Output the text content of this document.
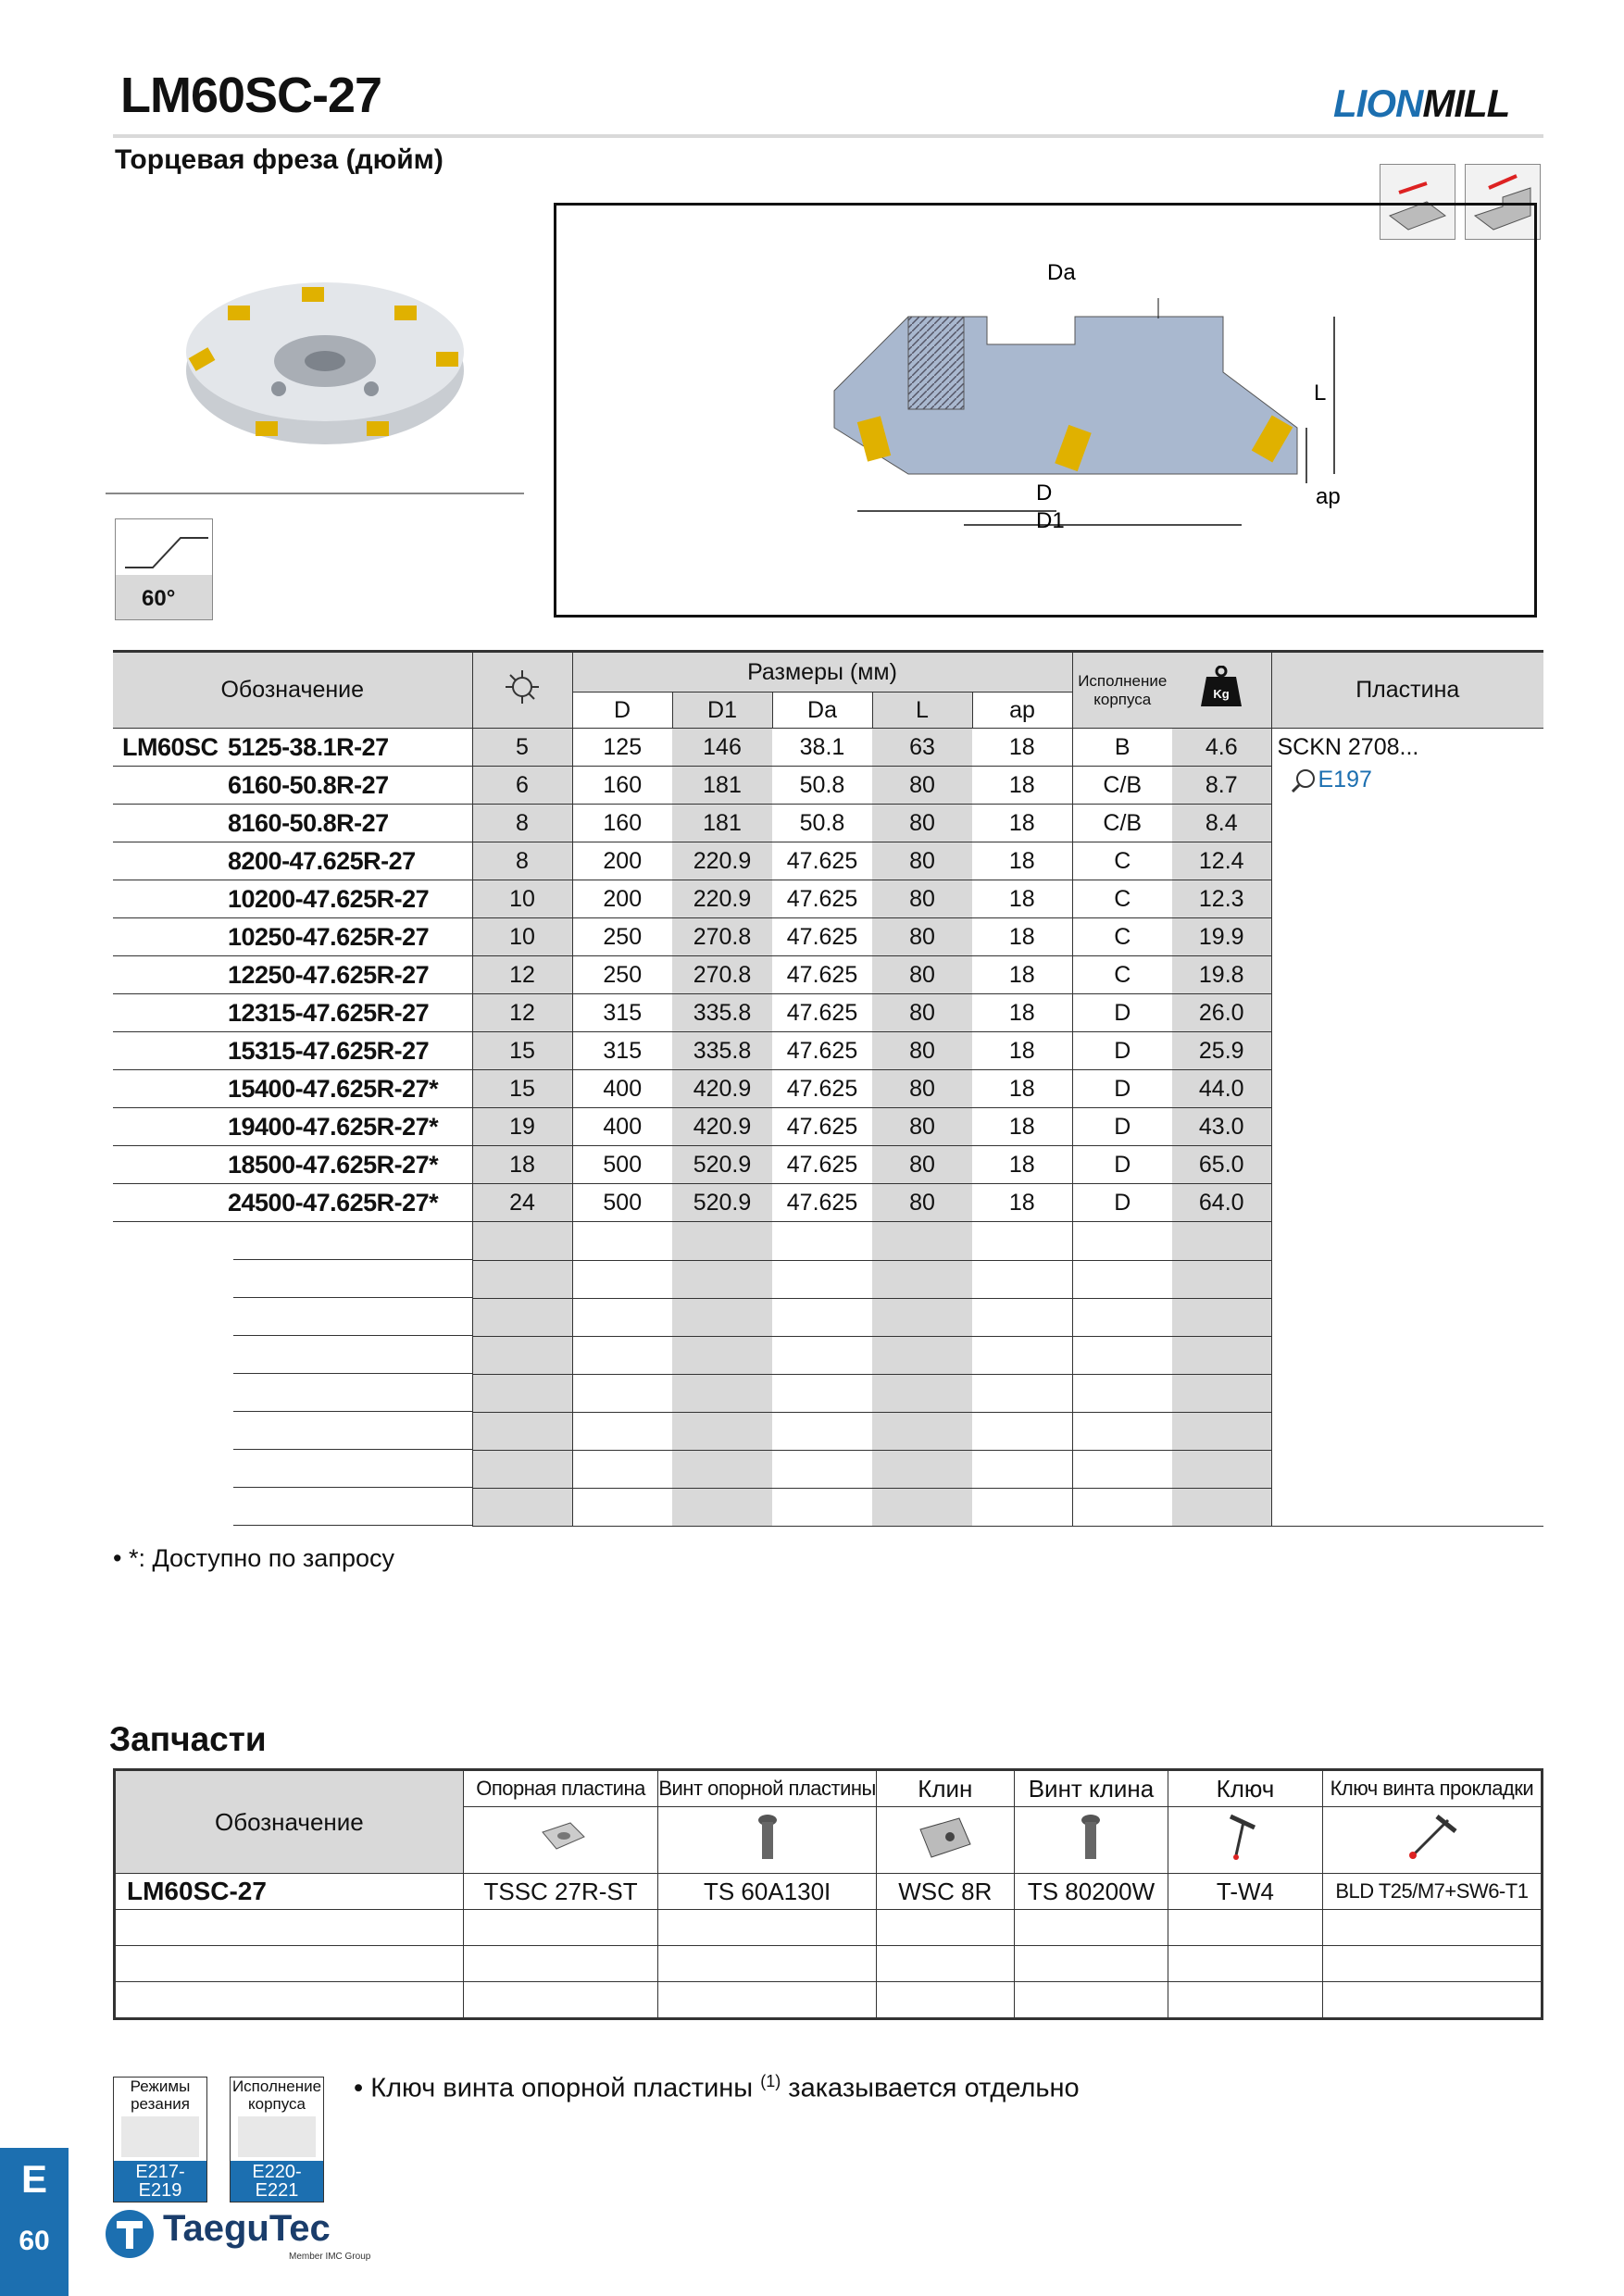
LM60SC-27	LIONMILL
Торцевая фреза (дюйм)
60°
Da
L
D
D1
ap
Обозначение		Размеры (мм)					Исполнение корпуса	Kg	Пластина
		D	D1	Da	L	ap			
LM60SC 5125-38.1R-27	5	125	146	38.1	63	18	B	4.6	SCKN 2708...
E197

6160-50.8R-27	6	160	181	50.8	80	18	C/B	8.7	
8160-50.8R-27	8	160	181	50.8	80	18	C/B	8.4	
8200-47.625R-27	8	200	220.9	47.625	80	18	C	12.4	
10200-47.625R-27	10	200	220.9	47.625	80	18	C	12.3	
10250-47.625R-27	10	250	270.8	47.625	80	18	C	19.9	
12250-47.625R-27	12	250	270.8	47.625	80	18	C	19.8	
12315-47.625R-27	12	315	335.8	47.625	80	18	D	26.0	
15315-47.625R-27	15	315	335.8	47.625	80	18	D	25.9	
15400-47.625R-27*	15	400	420.9	47.625	80	18	D	44.0	
19400-47.625R-27*	19	400	420.9	47.625	80	18	D	43.0	
18500-47.625R-27*	18	500	520.9	47.625	80	18	D	65.0	
24500-47.625R-27*	24	500	520.9	47.625	80	18	D	64.0	

• *: Доступно по запросу
Запчасти
Обозначение	Опорная пластина	Винт опорной пластины	Клин	Винт клина	Ключ	Ключ винта прокладки

LM60SC-27	TSSC 27R-ST	TS 60A130I	WSC 8R	TS 80200W	T-W4	BLD T25/M7+SW6-T1

Режимы резания
E217-E219
Исполнение корпуса
E220-E221
• Ключ винта опорной пластины $^{(1)}$ заказывается отдельно
E
60	TaeguTec
Member IMC Group
